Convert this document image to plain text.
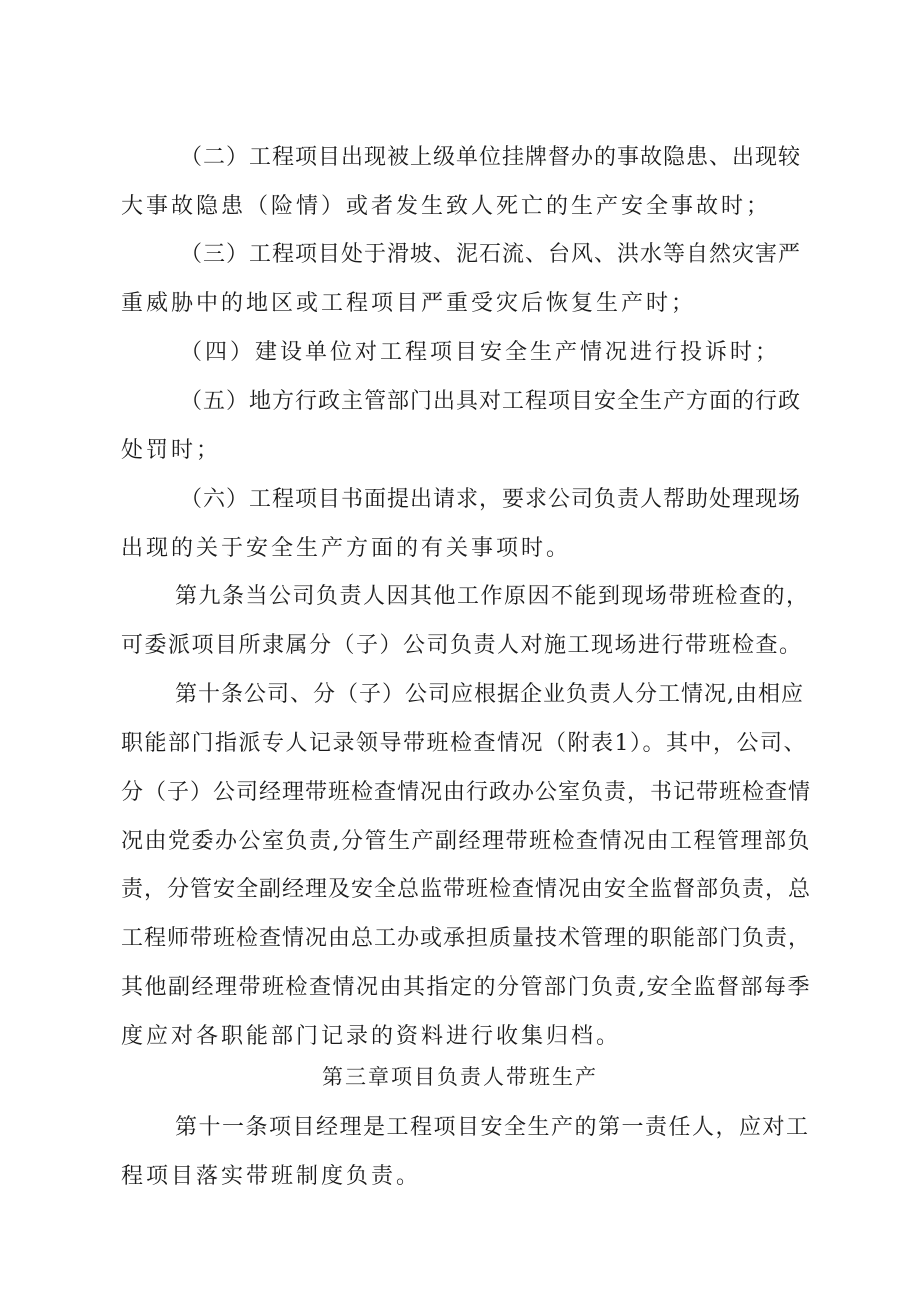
（二）工程项目出现被上级单位挂牌督办的事故隐患、出现较
大事故隐患（险情）或者发生致人死亡的生产安全事故时；
（三）工程项目处于滑坡、泥石流、台风、洪水等自然灾害严
重威胁中的地区或工程项目严重受灾后恢复生产时；
（四）建设单位对工程项目安全生产情况进行投诉时；
（五）地方行政主管部门出具对工程项目安全生产方面的行政
处罚时；
（六）工程项目书面提出请求，要求公司负责人帮助处理现场
出现的关于安全生产方面的有关事项时。
第九条当公司负责人因其他工作原因不能到现场带班检查的，
可委派项目所隶属分（子）公司负责人对施工现场进行带班检查。
第十条公司、分（子）公司应根据企业负责人分工情况,由相应
职能部门指派专人记录领导带班检查情况（附表1）。其中，公司、
分（子）公司经理带班检查情况由行政办公室负责，书记带班检查情
况由党委办公室负责,分管生产副经理带班检查情况由工程管理部负
责，分管安全副经理及安全总监带班检查情况由安全监督部负责，总
工程师带班检查情况由总工办或承担质量技术管理的职能部门负责，
其他副经理带班检查情况由其指定的分管部门负责,安全监督部每季
度应对各职能部门记录的资料进行收集归档。
第三章项目负责人带班生产
第十一条项目经理是工程项目安全生产的第一责任人，应对工
程项目落实带班制度负责。
